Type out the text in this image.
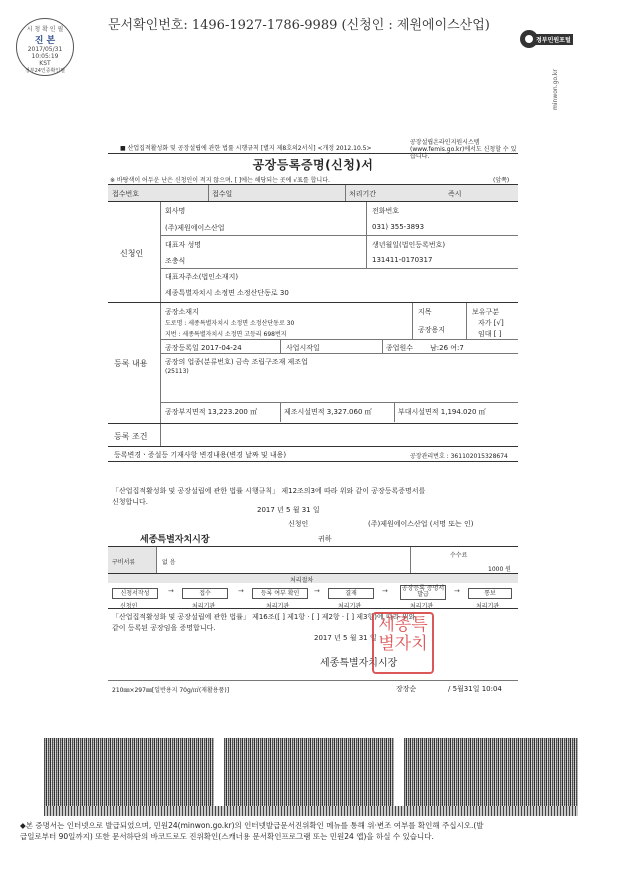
문서확인번호: 1496-1927-1786-9989 (신청인 : 제원에이스산업)
시 청 확 인 필
진 본
2017/05/31
10:05:19
KST
정부24인증확인필
정부민원포털
minwon.go.kr
■ 산업집적활성화 및 공장설립에 관한 법률 시행규칙 [별지 제8호의2서식] <개정 2012.10.5>
공장설립온라인지원시스템(www.femis.go.kr)에서도 신청할 수 있습니다.
공장등록증명(신청)서
※ 바탕색이 어두운 난은 신청인이 적지 않으며, [ ]에는 해당되는 곳에 √표를 합니다.	(앞쪽)
접수번호	접수일	처리기간	즉시
신청인
회사명
(주)제원에이스산업
전화번호
031) 355-3893
대표자 성명
조충식
생년월일(법인등록번호)
131411-0170317
대표자주소(법인소재지)
세종특별자치시 소정면 소정산단동로 30
등록 내용
공장소재지
도로명 : 세종특별자치시 소정면 소정산단동로 30
지번 : 세종특별자치시 소정면 고등리 698번지
지목
공장용지
보유구분
자가 [√]
임대 [ ]
공장등록일 2017-04-24	사업시작일	종업원수 남:26 여:7
공장의 업종(분류번호) 금속 조립구조재 제조업
(25113)
공장부지면적 13,223.200 ㎡	제조시설면적 3,327.060 ㎡	부대시설면적 1,194.020 ㎡
등록 조건
등록변경ㆍ증설등 기재사항 변경내용(변경 날짜 및 내용)	공장관리번호 : 361102015328674
「산업집적활성화 및 공장설립에 관한 법률 시행규칙」 제12조의3에 따라 위와 같이 공장등록증명서를
신청합니다.
2017 년 5 월 31 일
신청인	(주)제원에이스산업 (서명 또는 인)
세종특별자치시장	귀하
구비서류	없 음
수수료
1000 원
처리절차
신청서작성	→	접수	→	등록 여부 확인	→	결재	→ 공장등록 증명서 발급	→	통보
신청인	처리기관	처리기관	처리기관	처리기관	처리기관
「산업집적활성화 및 공장설립에 관한 법률」 제16조([ ] 제1항 · [ ] 제2항 · [ ] 제3항)에 따라 위와
같이 등록된 공장임을 증명합니다.
2017 년 5 월 31 일
세종특별자치시장
세종특별자치
210㎜×297㎜[일반용지 70g/㎡(재활용품)]	장장순	/ 5월31일 10:04
◆본 증명서는 인터넷으로 발급되었으며, 민원24(minwon.go.kr)의 인터넷발급문서진위확인 메뉴를 통해 위·변조 여부를 확인해 주십시오.(발
급일로부터 90일까지) 또한 문서하단의 바코드로도 진위확인(스캐너용 문서확인프로그램 또는 민원24 앱)을 하실 수 있습니다.
